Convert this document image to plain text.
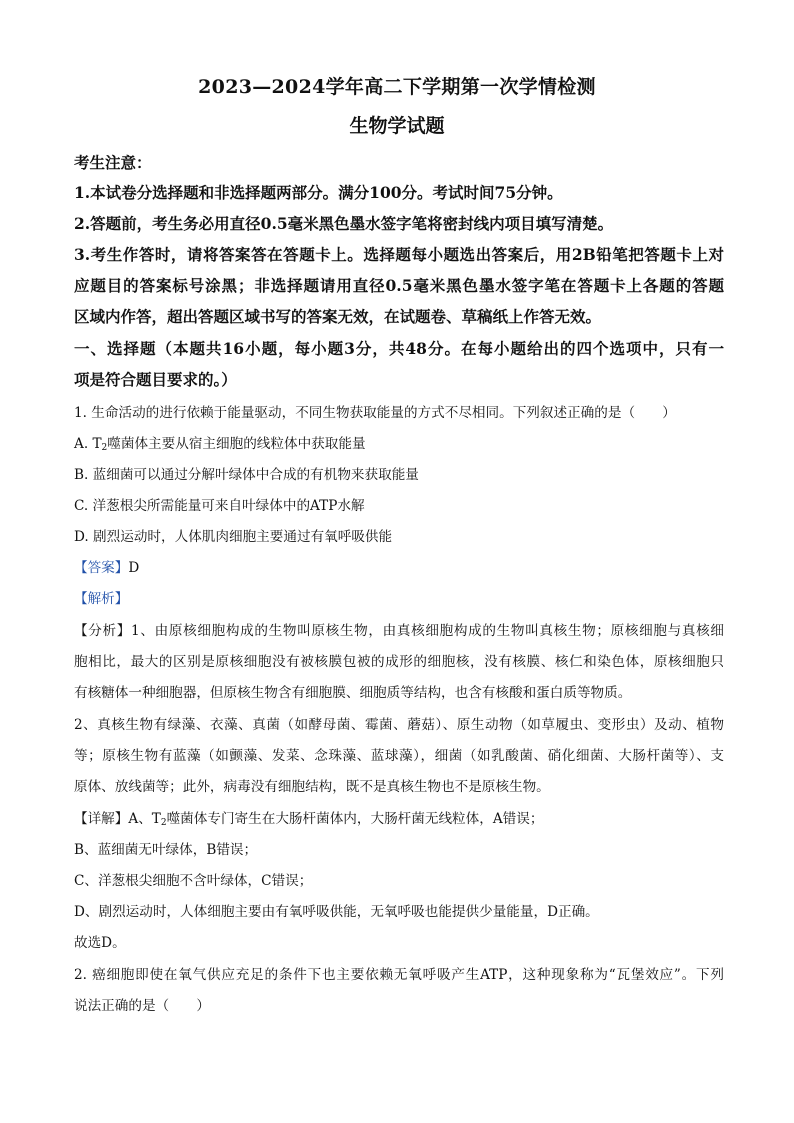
2023—2024学年高二下学期第一次学情检测
生物学试题
考生注意：
1.本试卷分选择题和非选择题两部分。满分100分。考试时间75分钟。
2.答题前，考生务必用直径0.5毫米黑色墨水签字笔将密封线内项目填写清楚。
3.考生作答时，请将答案答在答题卡上。选择题每小题选出答案后，用2B铅笔把答题卡上对
应题目的答案标号涂黑；非选择题请用直径0.5毫米黑色墨水签字笔在答题卡上各题的答题
区域内作答，超出答题区域书写的答案无效，在试题卷、草稿纸上作答无效。
一、选择题（本题共16小题，每小题3分，共48分。在每小题给出的四个选项中，只有一
项是符合题目要求的。）
1. 生命活动的进行依赖于能量驱动，不同生物获取能量的方式不尽相同。下列叙述正确的是（　　）
A. $T_2$噬菌体主要从宿主细胞的线粒体中获取能量
B. 蓝细菌可以通过分解叶绿体中合成的有机物来获取能量
C. 洋葱根尖所需能量可来自叶绿体中的ATP水解
D. 剧烈运动时，人体肌肉细胞主要通过有氧呼吸供能
【答案】D
【解析】
【分析】1、由原核细胞构成的生物叫原核生物，由真核细胞构成的生物叫真核生物；原核细胞与真核细
胞相比，最大的区别是原核细胞没有被核膜包被的成形的细胞核，没有核膜、核仁和染色体，原核细胞只
有核糖体一种细胞器，但原核生物含有细胞膜、细胞质等结构，也含有核酸和蛋白质等物质。
2、真核生物有绿藻、衣藻、真菌（如酵母菌、霉菌、蘑菇）、原生动物（如草履虫、变形虫）及动、植物
等；原核生物有蓝藻（如颤藻、发菜、念珠藻、蓝球藻），细菌（如乳酸菌、硝化细菌、大肠杆菌等）、支
原体、放线菌等；此外，病毒没有细胞结构，既不是真核生物也不是原核生物。
【详解】A、$T_2$噬菌体专门寄生在大肠杆菌体内，大肠杆菌无线粒体，A错误；
B、蓝细菌无叶绿体，B错误；
C、洋葱根尖细胞不含叶绿体，C错误；
D、剧烈运动时，人体细胞主要由有氧呼吸供能，无氧呼吸也能提供少量能量，D正确。
故选D。
2. 癌细胞即使在氧气供应充足的条件下也主要依赖无氧呼吸产生ATP，这种现象称为“瓦堡效应”。下列
说法正确的是（　　）
